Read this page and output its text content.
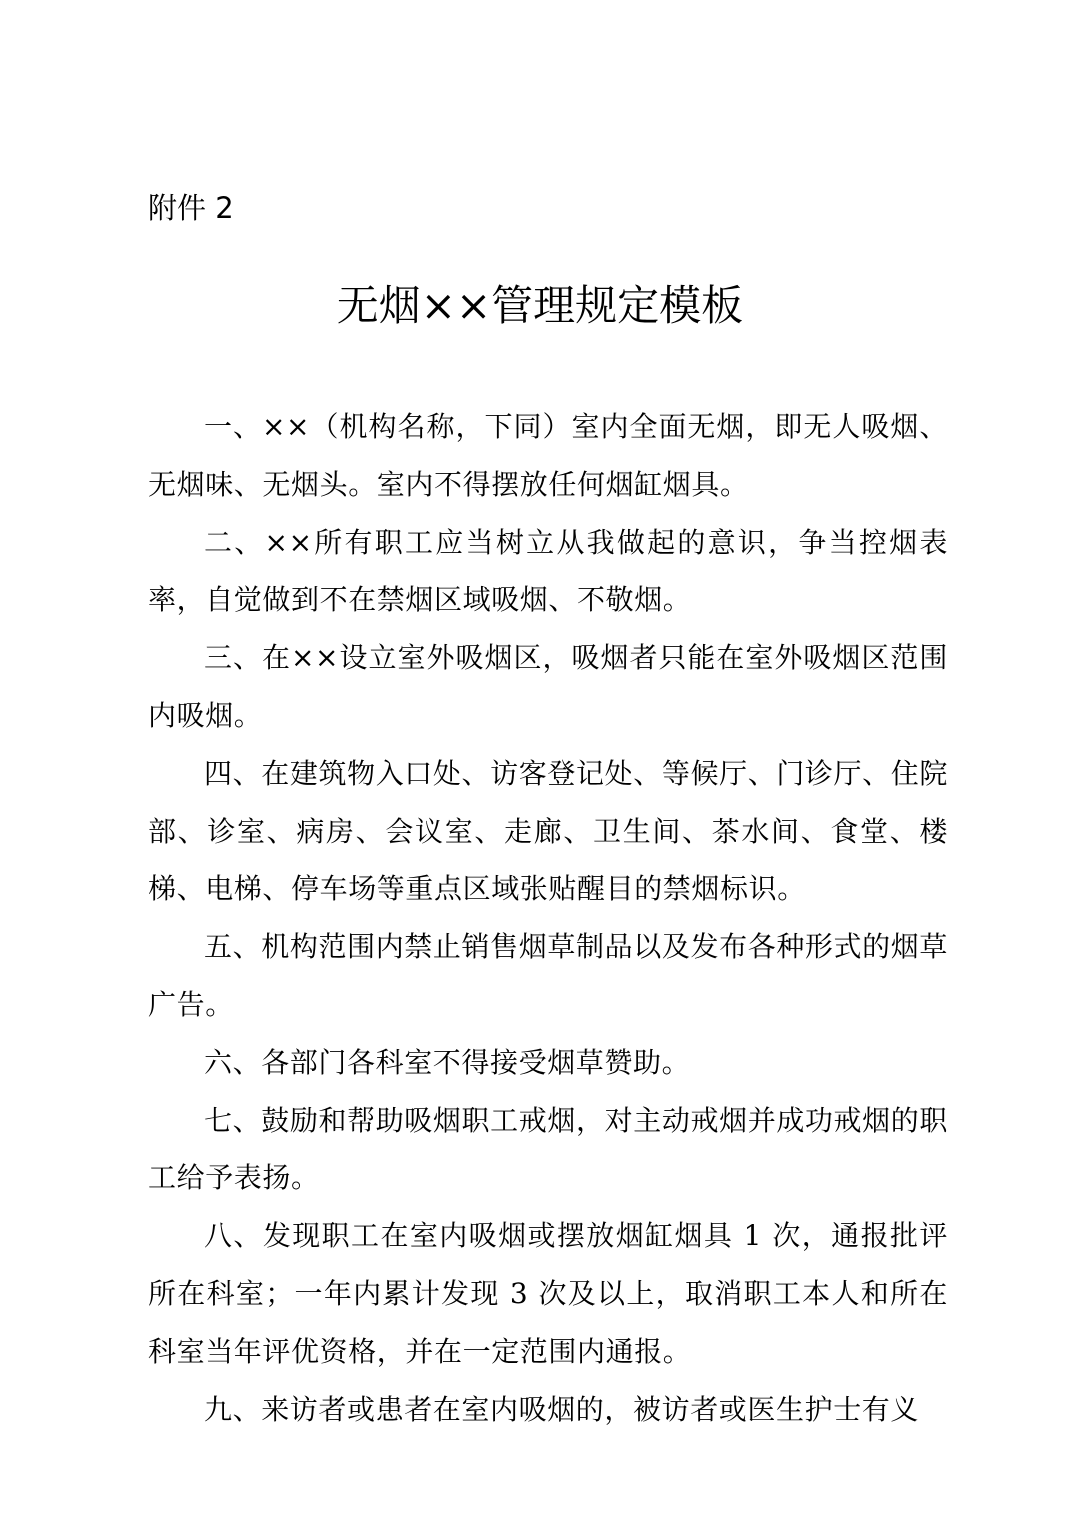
附件 2
无烟××管理规定模板

一、××（机构名称，下同）室内全面无烟，即无人吸烟、无烟味、无烟头。室内不得摆放任何烟缸烟具。

二、××所有职工应当树立从我做起的意识，争当控烟表率，自觉做到不在禁烟区域吸烟、不敬烟。

三、在××设立室外吸烟区，吸烟者只能在室外吸烟区范围内吸烟。

四、在建筑物入口处、访客登记处、等候厅、门诊厅、住院部、诊室、病房、会议室、走廊、卫生间、茶水间、食堂、楼梯、电梯、停车场等重点区域张贴醒目的禁烟标识。

五、机构范围内禁止销售烟草制品以及发布各种形式的烟草广告。

六、各部门各科室不得接受烟草赞助。

七、鼓励和帮助吸烟职工戒烟，对主动戒烟并成功戒烟的职工给予表扬。

八、发现职工在室内吸烟或摆放烟缸烟具 1 次，通报批评所在科室；一年内累计发现 3 次及以上，取消职工本人和所在科室当年评优资格，并在一定范围内通报。

九、来访者或患者在室内吸烟的，被访者或医生护士有义
